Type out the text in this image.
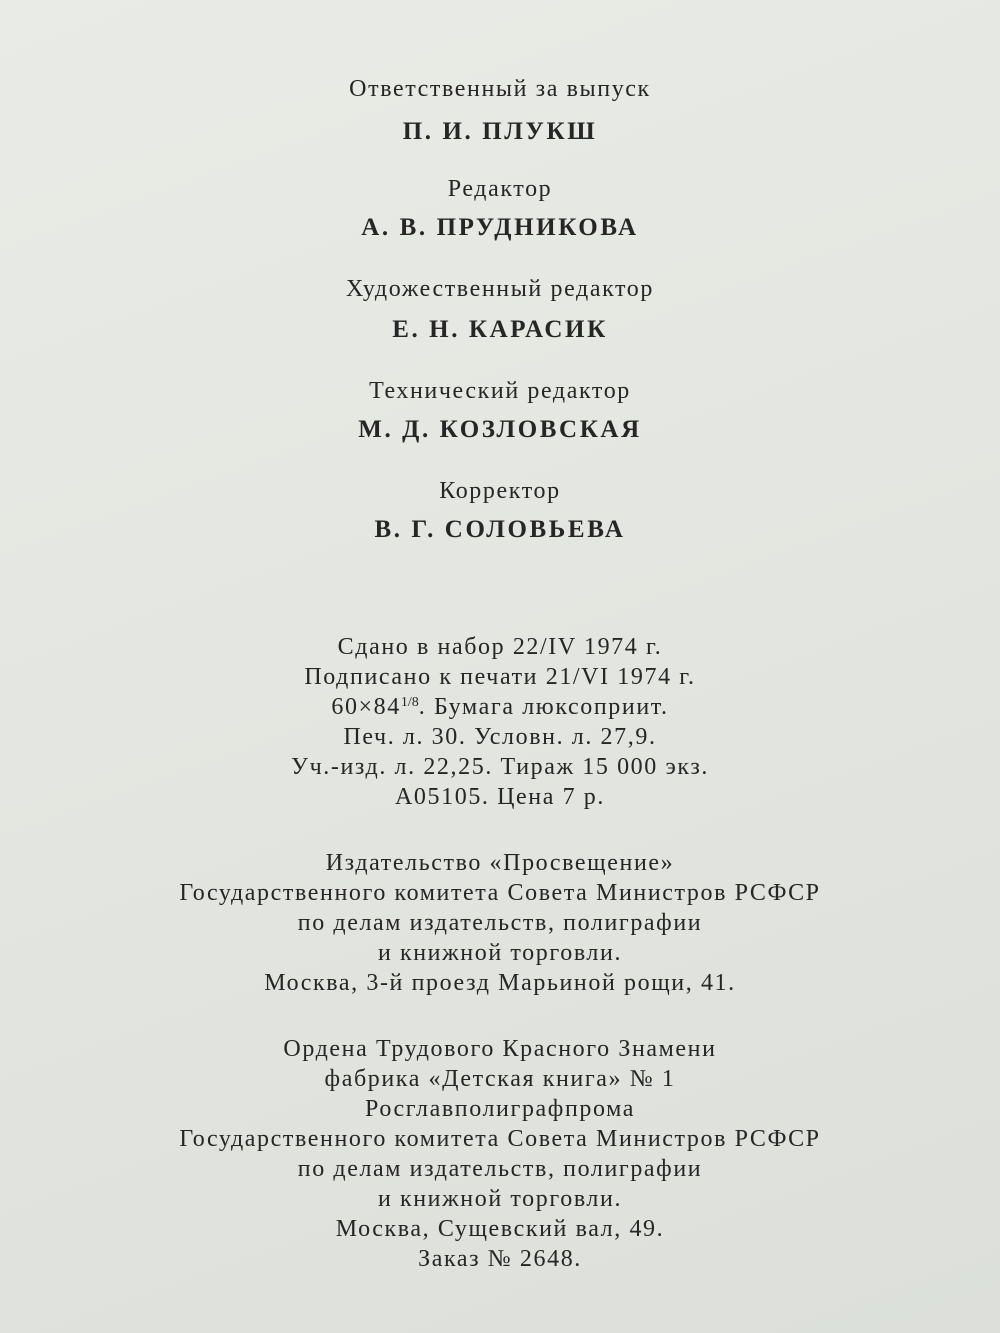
Ответственный за выпуск
П. И. ПЛУКШ
Редактор
А. В. ПРУДНИКОВА
Художественный редактор
Е. Н. КАРАСИК
Технический редактор
М. Д. КОЗЛОВСКАЯ
Корректор
В. Г. СОЛОВЬЕВА
Сдано в набор 22/IV 1974 г.
Подписано к печати 21/VI 1974 г.
$60\times 84^{1/8}$. Бумага люксоприит.
Печ. л. 30. Условн. л. 27,9.
Уч.-изд. л. 22,25. Тираж 15 000 экз.
А05105. Цена 7 р.
Издательство «Просвещение»
Государственного комитета Совета Министров РСФСР
по делам издательств, полиграфии
и книжной торговли.
Москва, 3-й проезд Марьиной рощи, 41.
Ордена Трудового Красного Знамени
фабрика «Детская книга» № 1
Росглавполиграфпрома
Государственного комитета Совета Министров РСФСР
по делам издательств, полиграфии
и книжной торговли.
Москва, Сущевский вал, 49.
Заказ № 2648.
